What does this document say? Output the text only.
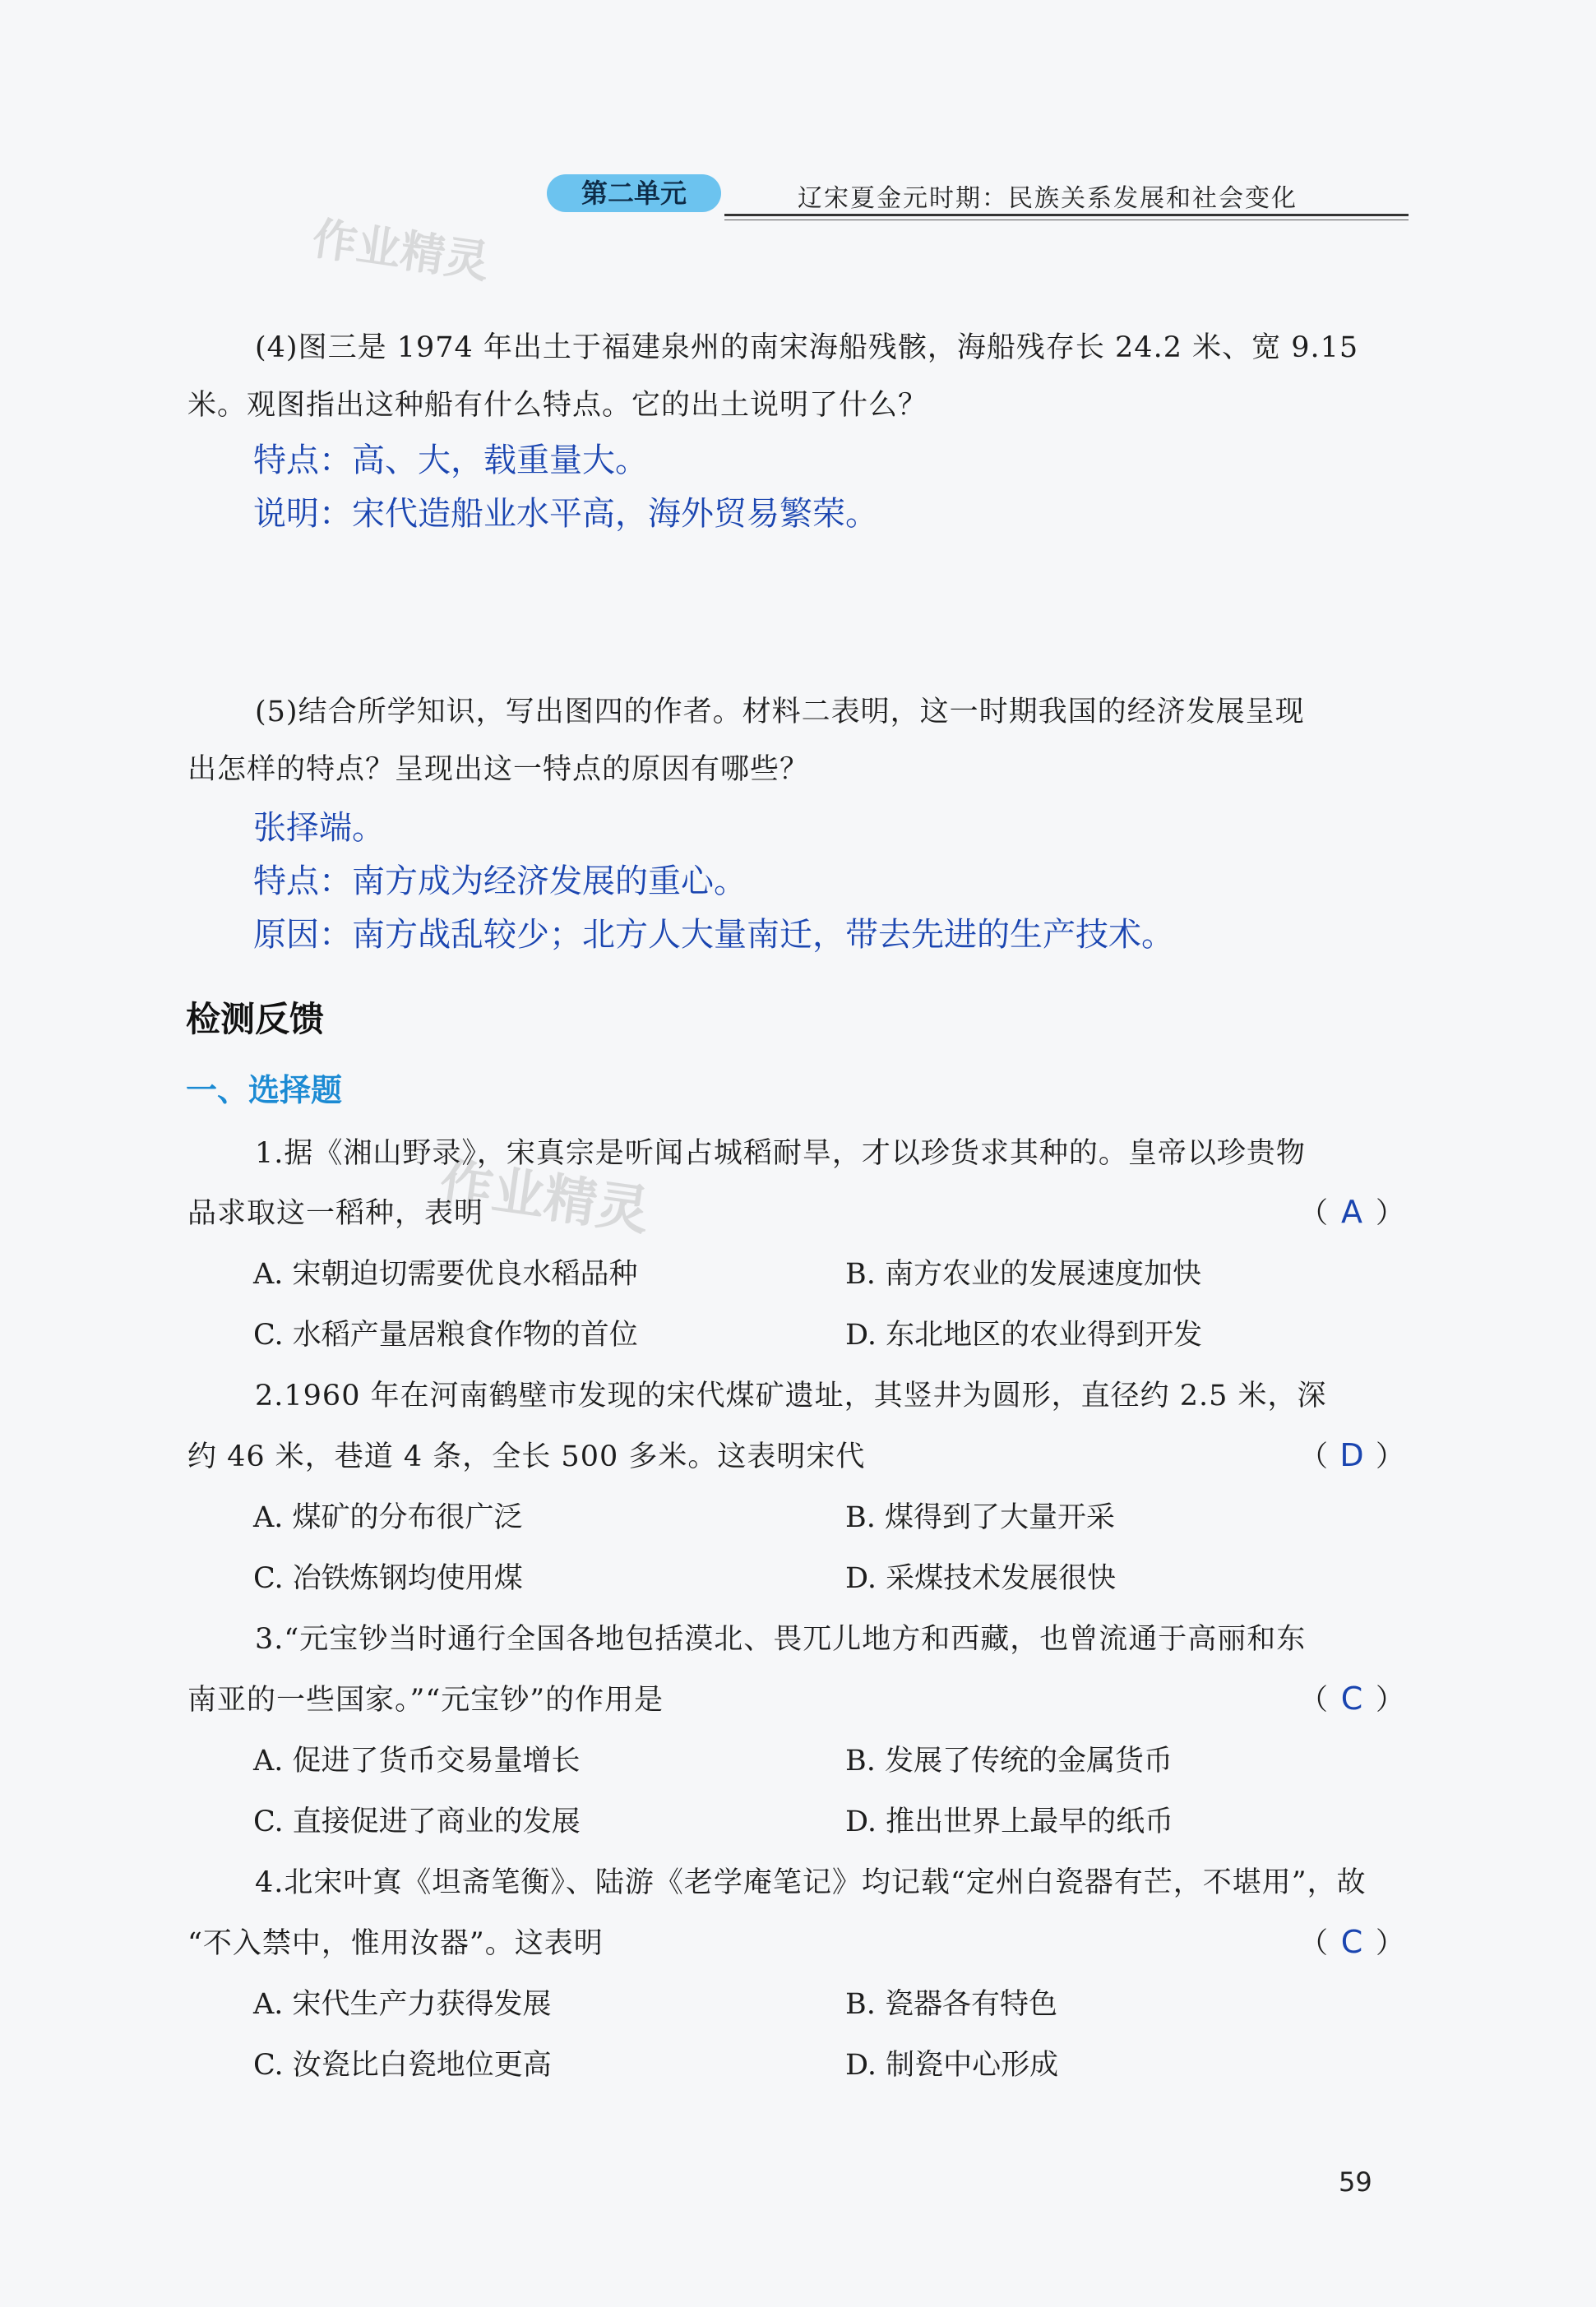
第二单元	辽宋夏金元时期：民族关系发展和社会变化
作业精灵
作业精灵
(4)图三是 1974 年出土于福建泉州的南宋海船残骸，海船残存长 24.2 米、宽 9.15
米。观图指出这种船有什么特点。它的出土说明了什么？
特点：高、大，载重量大。
说明：宋代造船业水平高，海外贸易繁荣。
(5)结合所学知识，写出图四的作者。材料二表明，这一时期我国的经济发展呈现
出怎样的特点？呈现出这一特点的原因有哪些？
张择端。
特点：南方成为经济发展的重心。
原因：南方战乱较少；北方人大量南迁，带去先进的生产技术。
检测反馈
一、选择题
1.据《湘山野录》，宋真宗是听闻占城稻耐旱，才以珍货求其种的。皇帝以珍贵物
品求取这一稻种，表明	（ A ）
A. 宋朝迫切需要优良水稻品种	B. 南方农业的发展速度加快
C. 水稻产量居粮食作物的首位	D. 东北地区的农业得到开发
2.1960 年在河南鹤壁市发现的宋代煤矿遗址，其竖井为圆形，直径约 2.5 米，深
约 46 米，巷道 4 条，全长 500 多米。这表明宋代	（ D ）
A. 煤矿的分布很广泛	B. 煤得到了大量开采
C. 冶铁炼钢均使用煤	D. 采煤技术发展很快
3.“元宝钞当时通行全国各地包括漠北、畏兀儿地方和西藏，也曾流通于高丽和东
南亚的一些国家。”“元宝钞”的作用是	（ C ）
A. 促进了货币交易量增长	B. 发展了传统的金属货币
C. 直接促进了商业的发展	D. 推出世界上最早的纸币
4.北宋叶寘《坦斋笔衡》、陆游《老学庵笔记》均记载“定州白瓷器有芒，不堪用”，故
“不入禁中，惟用汝器”。这表明	（ C ）
A. 宋代生产力获得发展	B. 瓷器各有特色
C. 汝瓷比白瓷地位更高	D. 制瓷中心形成
59
